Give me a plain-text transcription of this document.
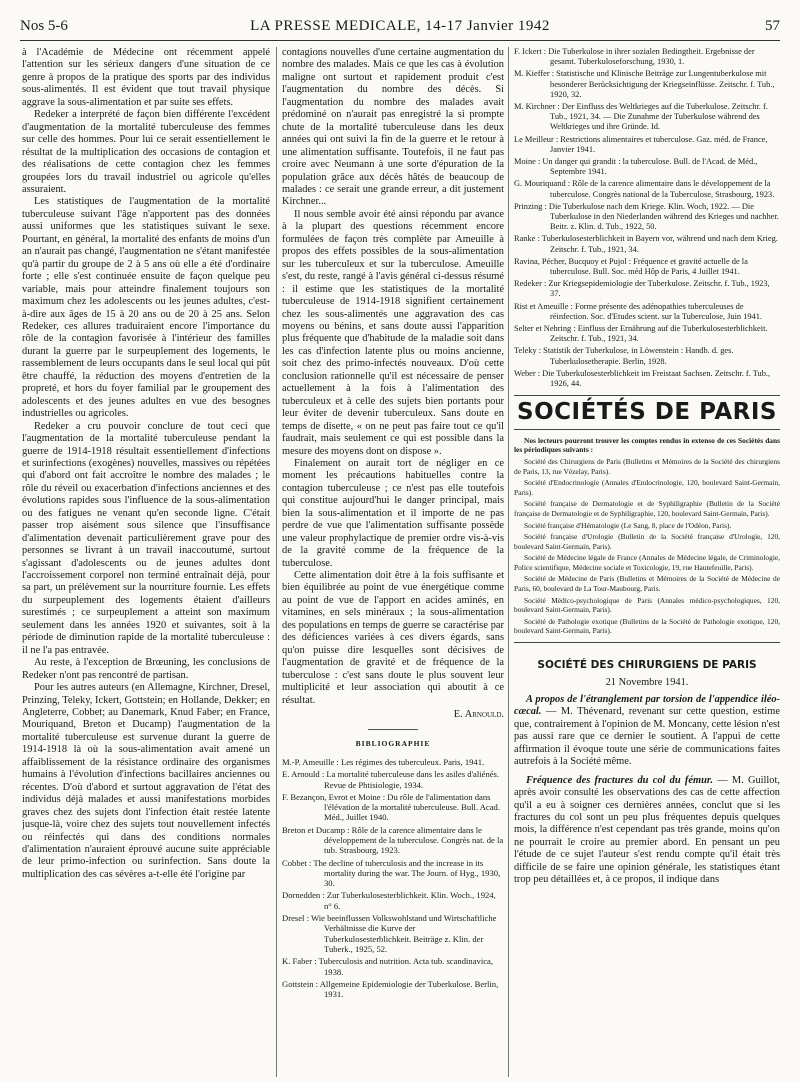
Nos 5-6	LA PRESSE MEDICALE, 14-17 Janvier 1942	57

à l'Académie de Médecine ont récemment appelé l'attention sur les sérieux dangers d'une situation de ce genre à propos de la pratique des sports par des individus sous-alimentés. Il est évident que tout travail physique aggrave la sous-alimentation et par suite ses effets.

Redeker a interprété de façon bien différente l'excédent d'augmentation de la mortalité tuberculeuse des femmes sur celle des hommes. Pour lui ce serait essentiellement le résultat de la multiplication des occasions de contagion et des réalisations de cette contagion chez les femmes groupées lors du travail industriel ou agricole qu'elles assuraient.

Les statistiques de l'augmentation de la mortalité tuberculeuse suivant l'âge n'apportent pas des données aussi uniformes que les statistiques suivant le sexe. Pourtant, en général, la mortalité des enfants de moins d'un an n'aurait pas changé, l'augmentation ne s'étant manifestée qu'à partir du groupe de 2 à 5 ans où elle a été d'ordinaire forte ; elle s'est continuée ensuite de façon quelque peu variable, mais pour atteindre finalement toujours son maximum chez les adolescents ou les jeunes adultes, c'est-à-dire aux âges de 15 à 20 ans ou de 20 à 25 ans. Selon Redeker, ces allures traduiraient encore l'importance du rôle de la contagion favorisée à l'intérieur des familles durant la guerre par le surpeuplement des logements, le rassemblement de leurs occupants dans le seul local qui pût être chauffé, la réduction des moyens d'entretien de la propreté, et hors du foyer familial par le groupement des adolescents et des jeunes adultes en vue des besognes industrielles ou agricoles.

Redeker a cru pouvoir conclure de tout ceci que l'augmentation de la mortalité tuberculeuse pendant la guerre de 1914-1918 résultait essentiellement d'infections et surinfections (exogènes) nouvelles, massives ou répétées qui d'abord ont fait accroître le nombre des malades ; le rôle du réveil ou exacerbation d'infections anciennes et des évolutions rapides sous l'influence de la sous-alimentation ou des fatigues ne venant qu'en seconde ligne. C'était passer trop aisément sous silence que l'insuffisance d'alimentation devenait particulièrement grave pour des personnes se livrant à un travail inaccoutumé, surtout s'agissant d'adolescents ou de jeunes adultes dont l'accroissement corporel non terminé entraînait déjà, pour sa part, un prélèvement sur la nourriture fournie. Les effets du surpeuplement des logements étaient d'ailleurs surestimés ; ce surpeuplement a atteint son maximum seulement dans les années 1920 et suivantes, soit à la période de diminution rapide de la mortalité tuberculeuse : il ne l'a pas entravée.

Au reste, à l'exception de Brœuning, les conclusions de Redeker n'ont pas rencontré de partisan.

Pour les autres auteurs (en Allemagne, Kirchner, Dresel, Prinzing, Teleky, Ickert, Gottstein; en Hollande, Dekker; en Angleterre, Cobbet; au Danemark, Knud Faber; en France, Mouriquand, Breton et Ducamp) l'augmentation de la mortalité tuberculeuse est survenue durant la guerre de 1914-1918 là où la sous-alimentation avait amené un affaiblissement de la résistance ordinaire des organismes humains à l'évolution d'infections bacillaires anciennes ou récentes. D'où d'abord et surtout aggravation de l'état des individus déjà malades et aussi manifestations morbides graves chez des sujets dont l'infection était restée latente jusque-là, voire chez des sujets tout nouvellement infectés ou réinfectés qui dans des conditions normales d'alimentation n'auraient éprouvé aucune suite appréciable de leur primo-infection ou surinfection. Sans doute la multiplication des cas sévères a-t-elle été l'origine par

contagions nouvelles d'une certaine augmentation du nombre des malades. Mais ce que les cas à évolution maligne ont surtout et rapidement produit c'est l'augmentation du nombre des décès. Si l'augmentation du nombre des malades avait prédominé on n'aurait pas enregistré la si prompte chute de la mortalité tuberculeuse dans les deux années qui ont suivi la fin de la guerre et le retour à une alimentation suffisante. Toutefois, il ne faut pas croire avec Neumann à une sorte d'épuration de la population grâce aux décès hâtés de beaucoup de malades : ce serait une grande erreur, a dit justement Kirchner...

Il nous semble avoir été ainsi répondu par avance à la plupart des questions récemment encore formulées de façon très complète par Ameuille à propos des effets possibles de la sous-alimentation sur les tuberculeux et sur la tuberculose. Ameuille s'est, du reste, rangé à l'avis général ci-dessus résumé : il estime que les statistiques de la mortalité tuberculeuse de 1914-1918 signifient certainement chez les sous-alimentés une aggravation des cas moyens ou bénins, et sans doute aussi l'apparition plus fréquente que d'habitude de la maladie soit dans les cas d'infection latente plus ou moins ancienne, soit chez des primo-infectés nouveaux. D'où cette conclusion rationnelle qu'il est nécessaire de penser actuellement à la fois à l'alimentation des tuberculeux et à celle des sujets bien portants pour leur éviter de devenir tuberculeux. Sans doute en temps de disette, « on ne peut pas faire tout ce qu'il faudrait, mais seulement ce qui est possible dans la mesure des moyens dont on dispose ».

Finalement on aurait tort de négliger en ce moment les précautions habituelles contre la contagion tuberculeuse ; ce n'est pas elle toutefois qui constitue aujourd'hui le danger principal, mais bien la sous-alimentation et il importe de ne pas perdre de vue que l'alimentation suffisante possède une valeur prophylactique de premier ordre vis-à-vis de la gravité comme de la fréquence de la tuberculose.

Cette alimentation doit être à la fois suffisante et bien équilibrée au point de vue énergétique comme au point de vue de l'apport en acides aminés, en vitamines, en sels minéraux ; la sous-alimentation des populations en temps de guerre se caractérise par des déficiences variées à ces divers égards, sans qu'on puisse dire lesquelles sont décisives de l'augmentation de gravité et de fréquence de la tuberculose : c'est sans doute le plus souvent leur multiplicité et leur association qui aboutit à ce résultat.

E. Arnould.
BIBLIOGRAPHIE
M.-P. Ameuille : Les régimes des tuberculeux. Paris, 1941.
E. Arnould : La mortalité tuberculeuse dans les asiles d'aliénés. Revue de Phtisiologie, 1934.
F. Bezançon, Evrot et Moine : Du rôle de l'alimentation dans l'élévation de la mortalité tuberculeuse. Bull. Acad. Méd., Juillet 1940.
Breton et Ducamp : Rôle de la carence alimentaire dans le développement de la tuberculose. Congrès nat. de la tub. Strasbourg, 1923.
Cobbet : The decline of tuberculosis and the increase in its mortality during the war. The Journ. of Hyg., 1930, 30.
Dornedden : Zur Tuberkulosesterblichkeit. Klin. Woch., 1924, n° 6.
Dresel : Wie beeinflussen Volkswohlstand und Wirtschaftliche Verhältnisse die Kurve der Tuberkulosesterblichkeit. Beiträge z. Klin. der Tuberk., 1925, 52.
K. Faber : Tuberculosis and nutrition. Acta tub. scandinavica, 1938.
Gottstein : Allgemeine Epidemiologie der Tuberkulose. Berlin, 1931.
F. Ickert : Die Tuberkulose in ihrer sozialen Bedingtheit. Ergebnisse der gesamt. Tuberkuloseforschung, 1930, 1.
M. Kieffer : Statistische und Klinische Beiträge zur Lungentuberkulose mit besonderer Berücksichtigung der Kriegseinflüsse. Zeitschr. f. Tub., 1920, 32.
M. Kirchner : Der Einfluss des Weltkrieges auf die Tuberkulose. Zeitschr. f. Tub., 1921, 34. — Die Zunahme der Tuberkulose während des Weltkrieges und ihre Gründe. Id.
Le Meilleur : Restrictions alimentaires et tuberculose. Gaz. méd. de France, Janvier 1941.
Moine : Un danger qui grandit : la tuberculose. Bull. de l'Acad. de Méd., Septembre 1941.
G. Mouriquand : Rôle de la carence alimentaire dans le développement de la tuberculose. Congrès national de la Tuberculose, Strasbourg, 1923.
Prinzing : Die Tuberkulose nach dem Kriege. Klin. Woch, 1922. — Die Tuberkulose in den Niederlanden während des Krieges und nachher. Beitr. z. Klin. d. Tub., 1922, 50.
Ranke : Tuberkulosesterblichkeit in Bayern vor, während und nach dem Krieg. Zeitschr. f. Tub., 1921, 34.
Ravina, Pécher, Bucquoy et Pujol : Fréquence et gravité actuelle de la tuberculose. Bull. Soc. méd Hôp de Paris, 4 Juillet 1941.
Redeker : Zur Kriegsepidemiologie der Tuberkulose. Zeitschr. f. Tub., 1923, 37.
Rist et Ameuille : Forme présente des adénopathies tuberculeuses de réinfection. Soc. d'Etudes scient. sur la Tuberculose, Juin 1941.
Selter et Nehring : Einfluss der Ernährung auf die Tuberkulosesterblichkeit. Zeitschr. f. Tub., 1921, 34.
Teleky : Statistik der Tuberkulose, in Löwenstein : Handb. d. ges. Tuberkulosetherapie. Berlin, 1928.
Weber : Die Tuberkulosesterblichkeit im Freistaat Sachsen. Zeitschr. f. Tub., 1926, 44.
SOCIÉTÉS DE PARIS

Nos lecteurs pourront trouver les comptes rendus in extenso de ces Sociétés dans les périodiques suivants :

Société des Chirurgiens de Paris (Bulletins et Mémoires de la Société des chirurgiens de Paris, 13, rue Vézelay, Paris).

Société d'Endocrinologie (Annales d'Endocrinologie, 120, boulevard Saint-Germain, Paris).

Société française de Dermatologie et de Syphiligraphie (Bulletin de la Société française de Dermatologie et de Syphiligraphie, 120, boulevard Saint-Germain, Paris).

Société française d'Hématologie (Le Sang, 8, place de l'Odéon, Paris).

Société française d'Urologie (Bulletin de la Société française d'Urologie, 120, boulevard Saint-Germain, Paris).

Société de Médecine légale de France (Annales de Médecine légale, de Criminologie, Police scientifique, Médecine sociale et Toxicologie, 19, rue Hautefeuille, Paris).

Société de Médecine de Paris (Bulletins et Mémoires de la Société de Médecine de Paris, 60, boulevard de La Tour-Maubourg, Paris.

Société Médico-psychologique de Paris (Annales médico-psychologiques, 120, boulevard Saint-Germain, Paris).

Société de Pathologie exotique (Bulletins de la Société de Pathologie exotique, 120, boulevard Saint-Germain, Paris).

SOCIÉTÉ DES CHIRURGIENS DE PARIS

21 Novembre 1941.

A propos de l'étranglement par torsion de l'appendice iléo-cæcal. — M. Thévenard, revenant sur cette question, estime que, contrairement à l'opinion de M. Moncany, cette lésion n'est pas aussi rare que ce dernier le soutient. A l'appui de cette affirmation il évoque toute une série de communications faites autrefois à la Société même.

Fréquence des fractures du col du fémur. — M. Guillot, après avoir consulté les observations des cas de cette affection qu'il a eu à soigner ces dernières années, conclut que si les fractures du col sont un peu plus fréquentes depuis quelques mois, la différence n'est cependant pas très grande, moins qu'on ne pourrait le croire au premier abord. En pensant un peu l'étude de ce sujet l'auteur s'est rendu compte qu'il était très difficile de se faire une opinion générale, les statistiques étant trop peu détaillées et, à ce propos, il indique dans
